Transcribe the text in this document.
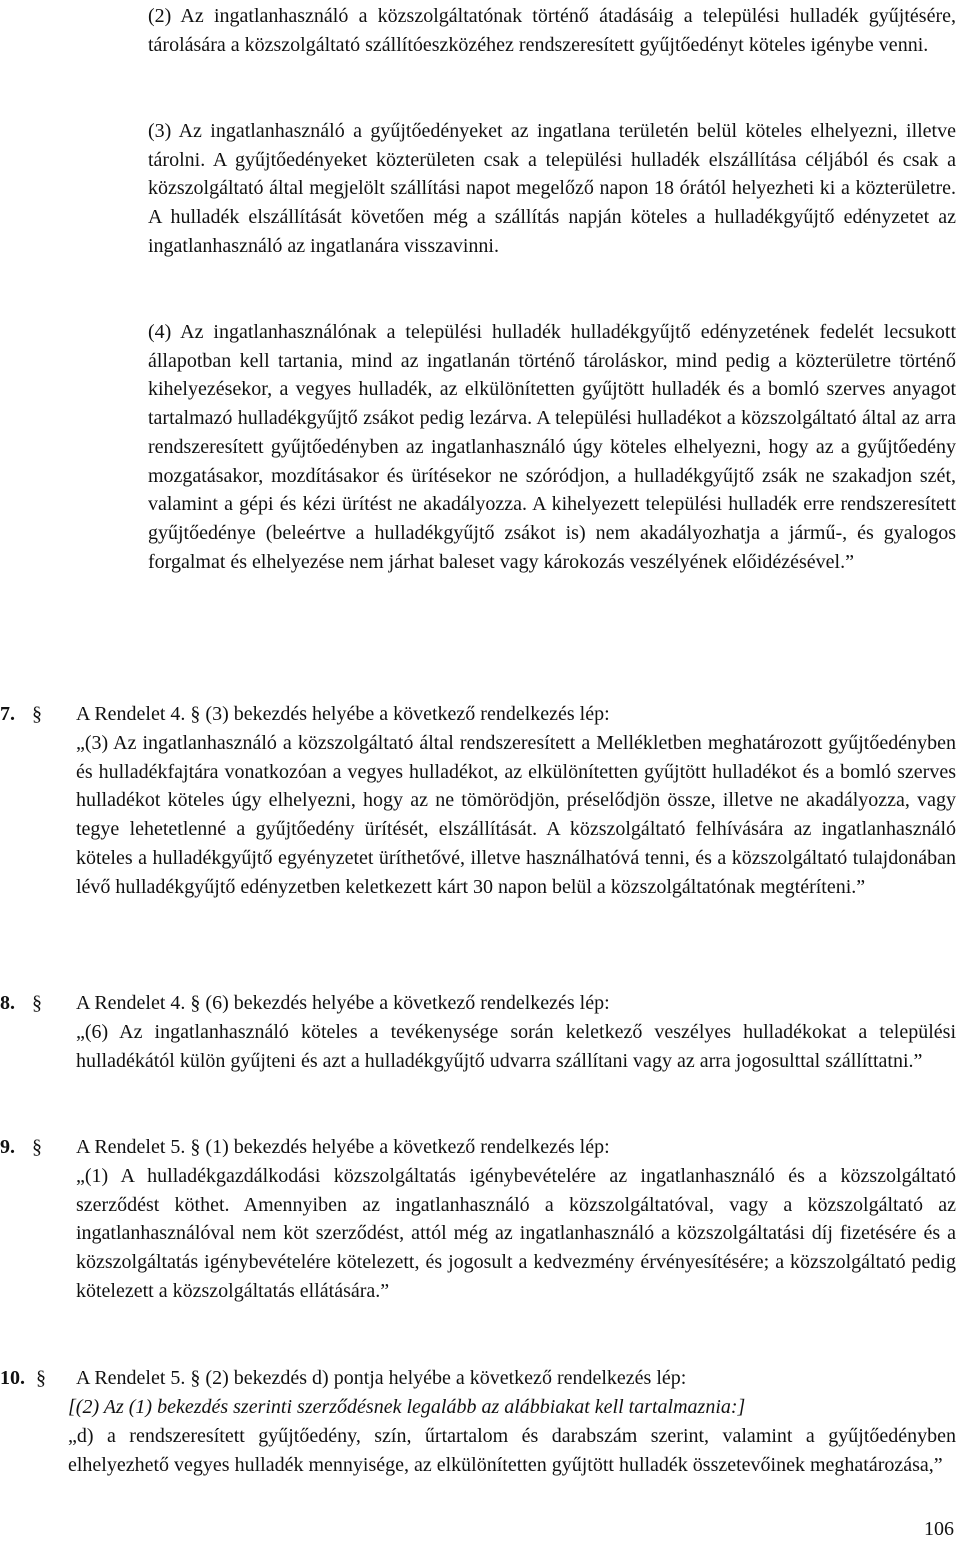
(2) Az ingatlanhasználó a közszolgáltatónak történő átadásáig a települési hulladék gyűjtésére, tárolására a közszolgáltató szállítóeszközéhez rendszeresített gyűjtőedényt köteles igénybe venni.

(3) Az ingatlanhasználó a gyűjtőedényeket az ingatlana területén belül köteles elhelyezni, illetve tárolni. A gyűjtőedényeket közterületen csak a települési hulladék elszállítása céljából és csak a közszolgáltató által megjelölt szállítási napot megelőző napon 18 órától helyezheti ki a közterületre. A hulladék elszállítását követően még a szállítás napján köteles a hulladékgyűjtő edényzetet az ingatlanhasználó az ingatlanára visszavinni.

(4) Az ingatlanhasználónak a települési hulladék hulladékgyűjtő edényzetének fedelét lecsukott állapotban kell tartania, mind az ingatlanán történő tároláskor, mind pedig a közterületre történő kihelyezésekor, a vegyes hulladék, az elkülönítetten gyűjtött hulladék és a bomló szerves anyagot tartalmazó hulladékgyűjtő zsákot pedig lezárva. A települési hulladékot a közszolgáltató által az arra rendszeresített gyűjtőedényben az ingatlanhasználó úgy köteles elhelyezni, hogy az a gyűjtőedény mozgatásakor, mozdításakor és ürítésekor ne szóródjon, a hulladékgyűjtő zsák ne szakadjon szét, valamint a gépi és kézi ürítést ne akadályozza. A kihelyezett települési hulladék erre rendszeresített gyűjtőedénye (beleértve a hulladékgyűjtő zsákot is) nem akadályozhatja a jármű-, és gyalogos forgalmat és elhelyezése nem járhat baleset vagy károkozás veszélyének előidézésével.”

7. § A Rendelet 4. § (3) bekezdés helyébe a következő rendelkezés lép:

„(3) Az ingatlanhasználó a közszolgáltató által rendszeresített a Mellékletben meghatározott gyűjtőedényben és hulladékfajtára vonatkozóan a vegyes hulladékot, az elkülönítetten gyűjtött hulladékot és a bomló szerves hulladékot köteles úgy elhelyezni, hogy az ne tömörödjön, préselődjön össze, illetve ne akadályozza, vagy tegye lehetetlenné a gyűjtőedény ürítését, elszállítását. A közszolgáltató felhívására az ingatlanhasználó köteles a hulladékgyűjtő egyényzetet üríthetővé, illetve használhatóvá tenni, és a közszolgáltató tulajdonában lévő hulladékgyűjtő edényzetben keletkezett kárt 30 napon belül a közszolgáltatónak megtéríteni.”

8. § A Rendelet 4. § (6) bekezdés helyébe a következő rendelkezés lép:

„(6) Az ingatlanhasználó köteles a tevékenysége során keletkező veszélyes hulladékokat a települési hulladékától külön gyűjteni és azt a hulladékgyűjtő udvarra szállítani vagy az arra jogosulttal szállíttatni.”

9. § A Rendelet 5. § (1) bekezdés helyébe a következő rendelkezés lép:

„(1) A hulladékgazdálkodási közszolgáltatás igénybevételére az ingatlanhasználó és a közszolgáltató szerződést köthet. Amennyiben az ingatlanhasználó a közszolgáltatóval, vagy a közszolgáltató az ingatlanhasználóval nem köt szerződést, attól még az ingatlanhasználó a közszolgáltatási díj fizetésére és a közszolgáltatás igénybevételére kötelezett, és jogosult a kedvezmény érvényesítésére; a közszolgáltató pedig kötelezett a közszolgáltatás ellátására.”

10. § A Rendelet 5. § (2) bekezdés d) pontja helyébe a következő rendelkezés lép:

[(2) Az (1) bekezdés szerinti szerződésnek legalább az alábbiakat kell tartalmaznia:]

„d) a rendszeresített gyűjtőedény, szín, űrtartalom és darabszám szerint, valamint a gyűjtőedényben elhelyezhető vegyes hulladék mennyisége, az elkülönítetten gyűjtött hulladék összetevőinek meghatározása,”

106
